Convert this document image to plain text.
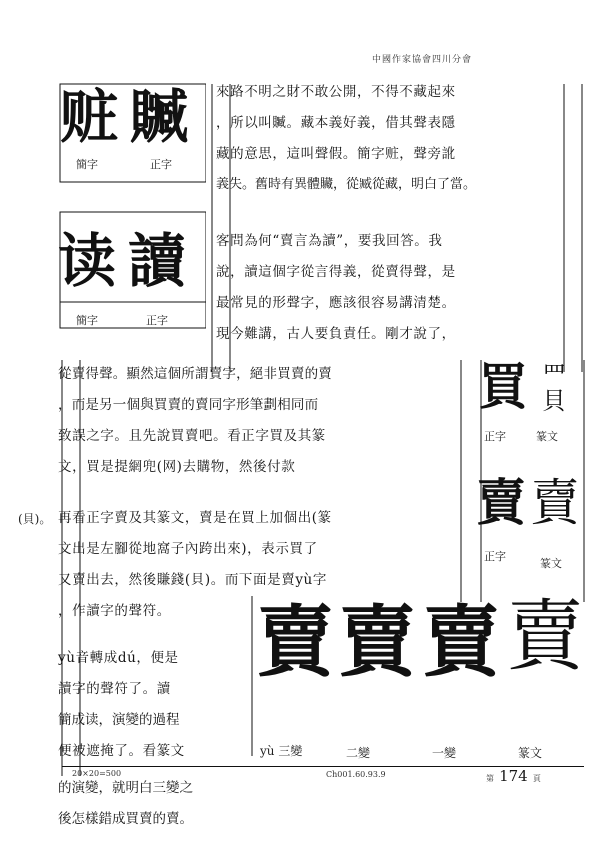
中國作家協會四川分會
赃 贓
簡字	正字
读 讀
簡字	正字
來路不明之財不敢公開，不得不藏起來
，所以叫贓。藏本義好義，借其聲表隱
藏的意思，這叫聲假。簡字赃，聲旁訛
義失。舊時有異體贜，從臧從藏，明白了當。
客問為何“賣言為讀”，要我回答。我
說，讀這個字從言得義，從賣得聲，是
最常見的形聲字，應該很容易講清楚。
現今難講，古人要負責任。剛才說了，
從賣得聲。顯然這個所謂賣字，絕非買賣的賣
，而是另一個與買賣的賣同字形筆劃相同而
致誤之字。且先說買賣吧。看正字買及其篆
文，買是提網兜(网)去購物，然後付款
(貝)。 再看正字賣及其篆文，賣是在買上加個出(篆
文出是左腳從地窩子內跨出來)，表示買了
又賣出去，然後賺錢(貝)。而下面是賣yù字
買 罒貝
正字	篆文
賣 𧶠
正字
篆文
，作讀字的聲符。
yù音轉成dú，便是
讀字的聲符了。讀
簡成读，演變的過程
便被遮掩了。看篆文
的演變，就明白三變之
後怎樣錯成買賣的賣。
賣 賣 賣 賣
yù 三變	二變	一變	篆文
20×20=500	Ch001.60.93.9	第 174 頁
